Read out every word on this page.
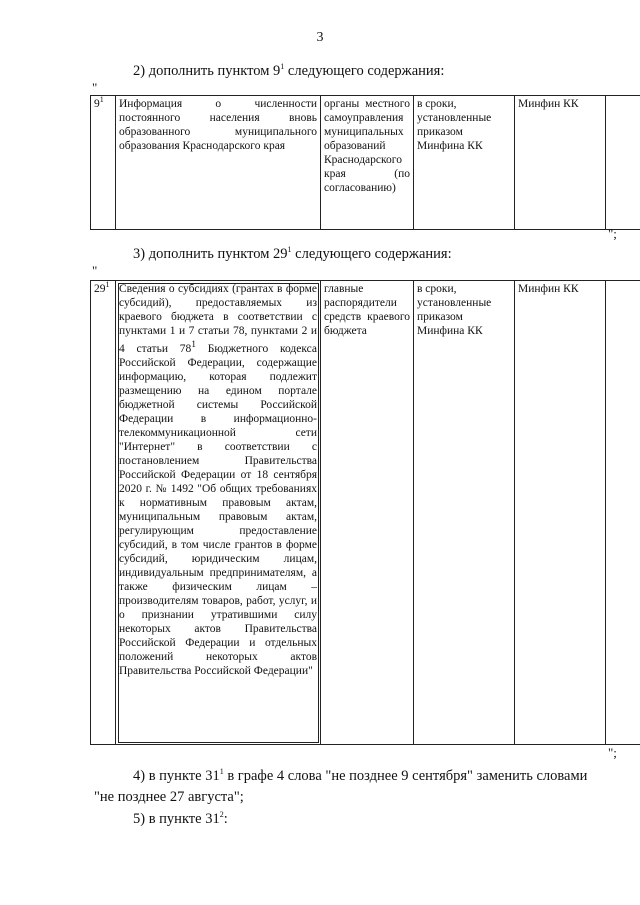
3
2) дополнить пунктом $9^1$ следующего содержания:
"
$9^1$	Информация о численности постоянного населения вновь образованного муниципального образования Краснодарского края	органы местного самоуправления муниципальных образований Краснодарского края (по согласованию)	в сроки, установленные приказом Минфина КК	Минфин КК	
";
3) дополнить пунктом $29^1$ следующего содержания:
"
$29^1$	Сведения о субсидиях (грантах в форме субсидий), предоставляемых из краевого бюджета в соответствии с пунктами 1 и 7 статьи 78, пунктами 2 и 4 статьи $78^1$ Бюджетного кодекса Российской Федерации, содержащие информацию, которая подлежит размещению на едином портале бюджетной системы Российской Федерации в информационно-телекоммуникационной сети "Интернет" в соответствии с постановлением Правительства Российской Федерации от 18 сентября 2020 г. № 1492 "Об общих требованиях к нормативным правовым актам, муниципальным правовым актам, регулирующим предоставление субсидий, в том числе грантов в форме субсидий, юридическим лицам, индивидуальным предпринимателям, а также физическим лицам – производителям товаров, работ, услуг, и о признании утратившими силу некоторых актов Правительства Российской Федерации и отдельных положений некоторых актов Правительства Российской Федерации"	главные распорядители средств краевого бюджета	в сроки, установленные приказом Минфина КК	Минфин КК	
";
4) в пункте $31^1$ в графе 4 слова "не позднее 9 сентября" заменить словами
"не позднее 27 августа";
5) в пункте $31^2$:
